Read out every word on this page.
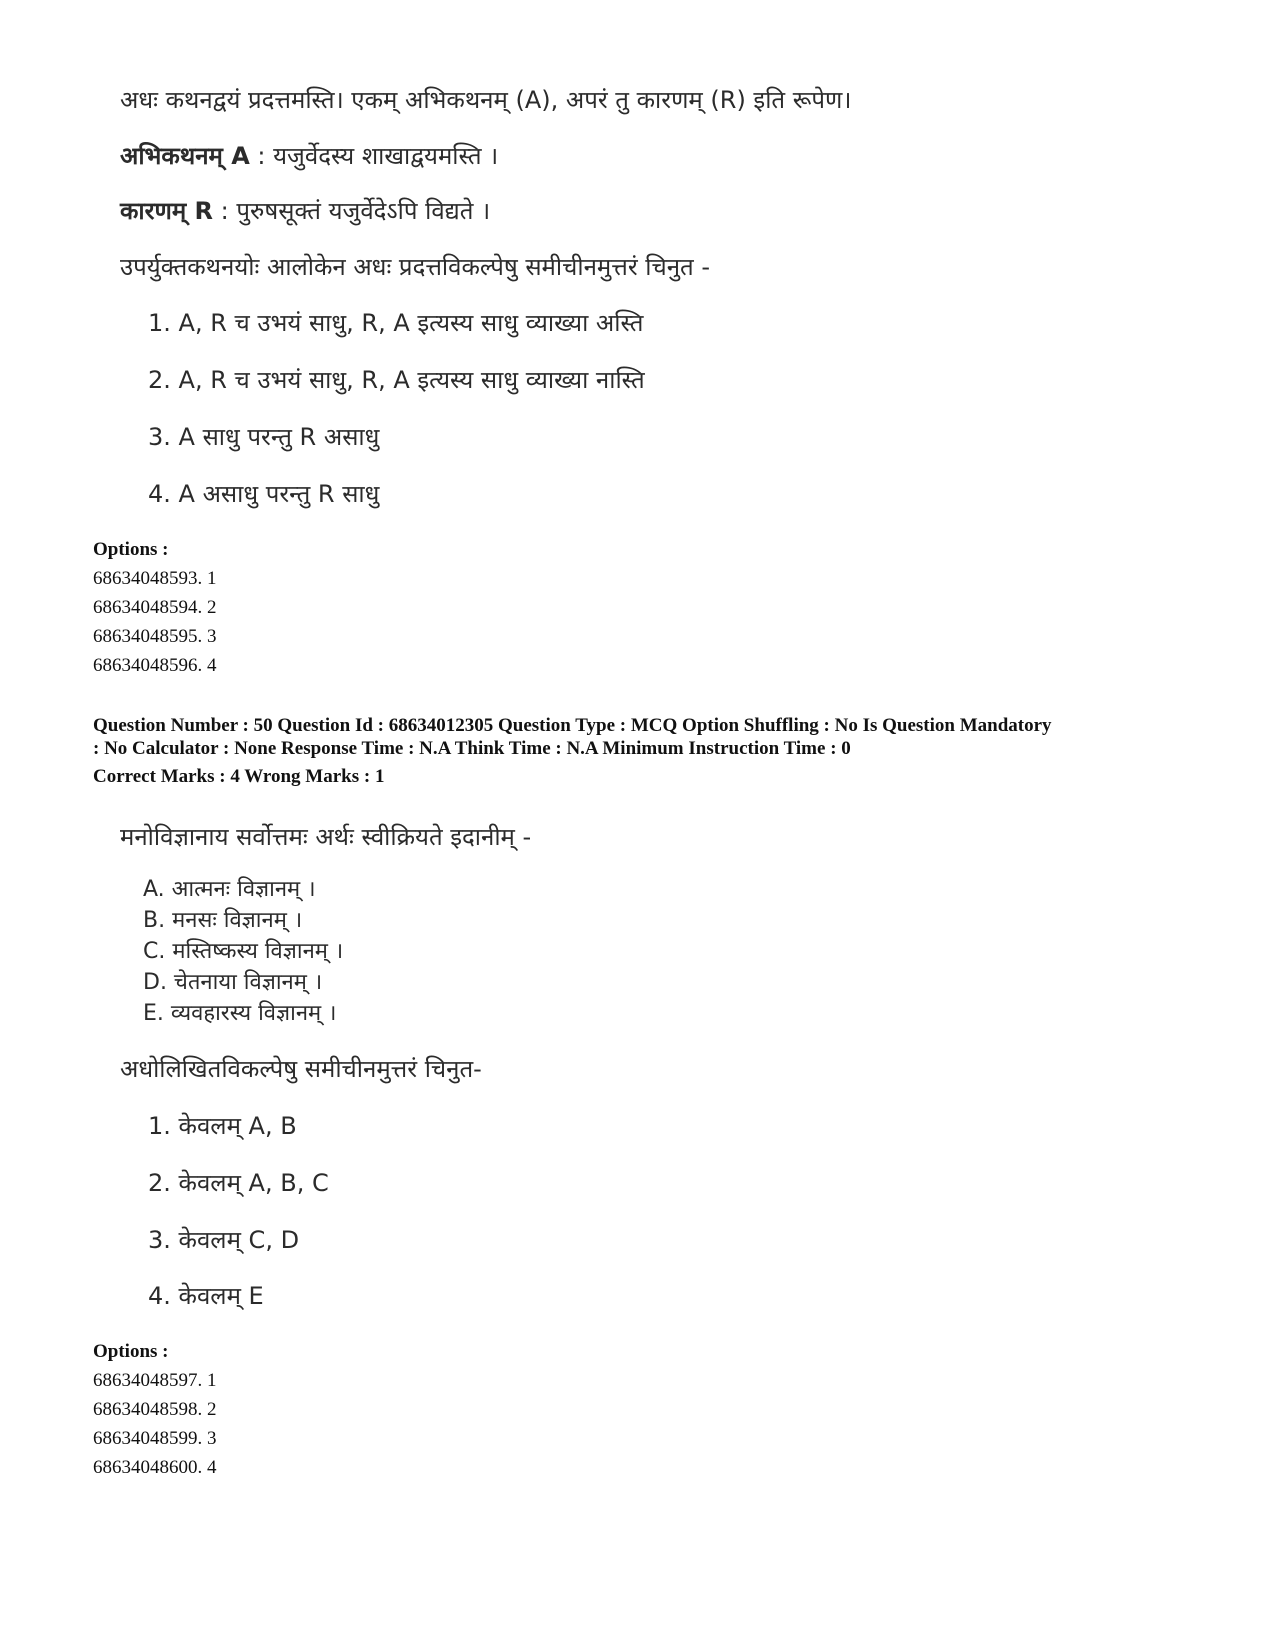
अधः कथनद्वयं प्रदत्तमस्ति। एकम् अभिकथनम् (A), अपरं तु कारणम् (R) इति रूपेण।
अभिकथनम् A : यजुर्वेदस्य शाखाद्वयमस्ति ।
कारणम् R : पुरुषसूक्तं यजुर्वेदेऽपि विद्यते ।
उपर्युक्तकथनयोः आलोकेन अधः प्रदत्तविकल्पेषु समीचीनमुत्तरं चिनुत -
1. A, R च उभयं साधु, R, A इत्यस्य साधु व्याख्या अस्ति
2. A, R च उभयं साधु, R, A इत्यस्य साधु व्याख्या नास्ति
3. A साधु परन्तु R असाधु
4. A असाधु परन्तु R साधु
Options :
68634048593. 1
68634048594. 2
68634048595. 3
68634048596. 4
Question Number : 50 Question Id : 68634012305 Question Type : MCQ Option Shuffling : No Is Question Mandatory
: No Calculator : None Response Time : N.A Think Time : N.A Minimum Instruction Time : 0
Correct Marks : 4 Wrong Marks : 1
मनोविज्ञानाय सर्वोत्तमः अर्थः स्वीक्रियते इदानीम् -
A. आत्मनः विज्ञानम् ।
B. मनसः विज्ञानम् ।
C. मस्तिष्कस्य विज्ञानम् ।
D. चेतनाया विज्ञानम् ।
E. व्यवहारस्य विज्ञानम् ।
अधोलिखितविकल्पेषु समीचीनमुत्तरं चिनुत-
1. केवलम् A, B
2. केवलम् A, B, C
3. केवलम् C, D
4. केवलम् E
Options :
68634048597. 1
68634048598. 2
68634048599. 3
68634048600. 4
